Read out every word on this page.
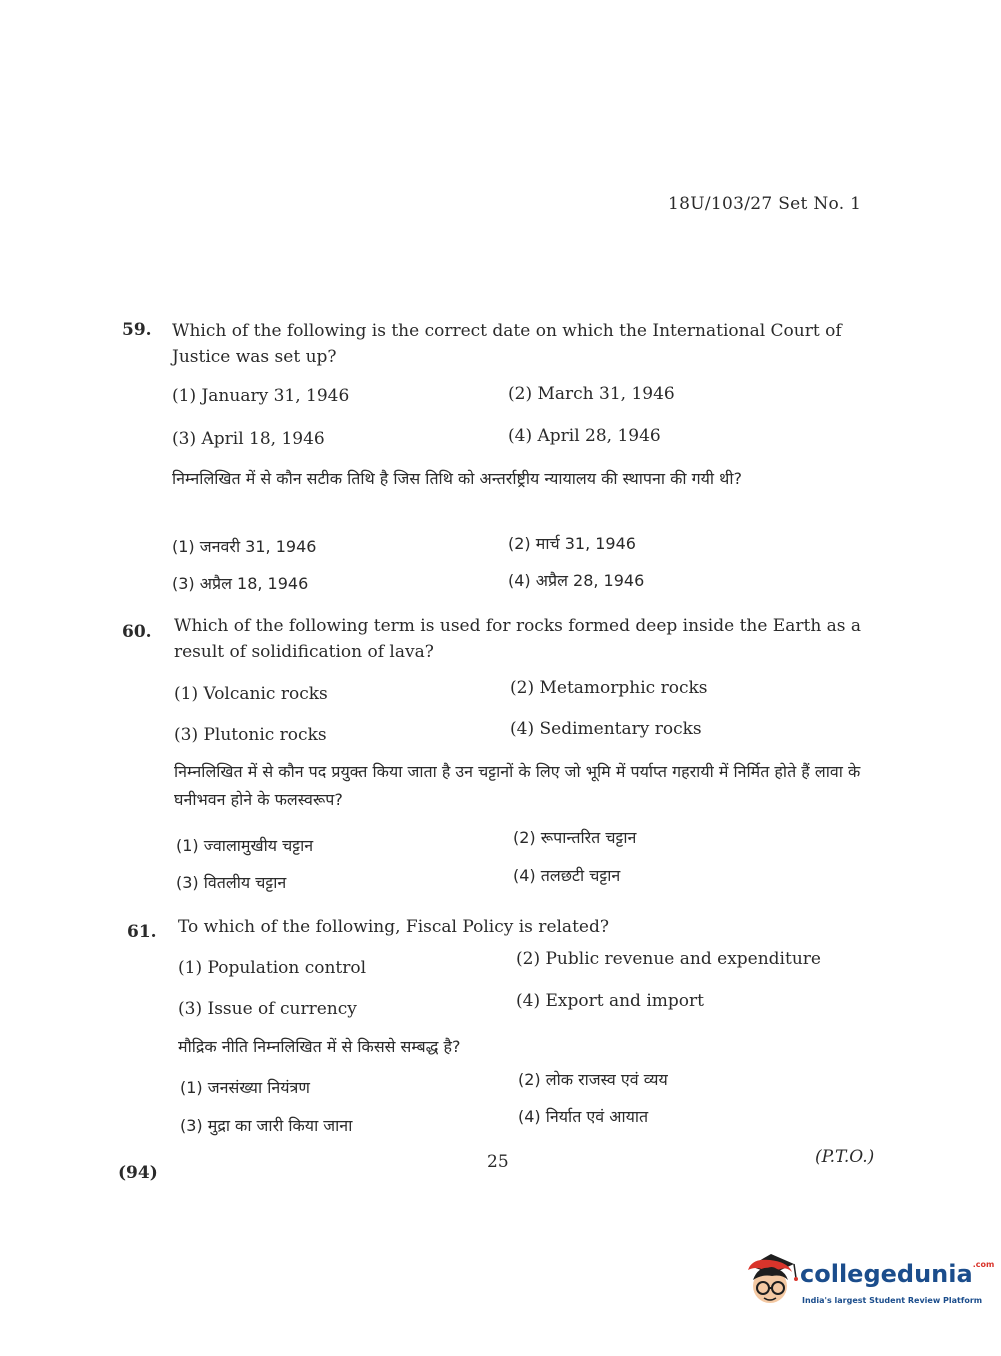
18U/103/27 Set No. 1
59. Which of the following is the correct date on which the International Court of Justice was set up?
(1) January 31, 1946	(2) March 31, 1946
(3) April 18, 1946	(4) April 28, 1946
निम्नलिखित में से कौन सटीक तिथि है जिस तिथि को अन्तर्राष्ट्रीय न्यायालय की स्थापना की गयी थी?
(1) जनवरी 31, 1946	(2) मार्च 31, 1946
(3) अप्रैल 18, 1946	(4) अप्रैल 28, 1946
60. Which of the following term is used for rocks formed deep inside the Earth as a result of solidification of lava?
(1) Volcanic rocks	(2) Metamorphic rocks
(3) Plutonic rocks	(4) Sedimentary rocks
निम्नलिखित में से कौन पद प्रयुक्त किया जाता है उन चट्टानों के लिए जो भूमि में पर्याप्त गहरायी में निर्मित होते हैं लावा के घनीभवन होने के फलस्वरूप?
(1) ज्वालामुखीय चट्टान	(2) रूपान्तरित चट्टान
(3) वितलीय चट्टान	(4) तलछटी चट्टान
61. To which of the following, Fiscal Policy is related?
(1) Population control	(2) Public revenue and expenditure
(3) Issue of currency	(4) Export and import
मौद्रिक नीति निम्नलिखित में से किससे सम्बद्ध है?
(1) जनसंख्या नियंत्रण	(2) लोक राजस्व एवं व्यय
(3) मुद्रा का जारी किया जाना	(4) निर्यात एवं आयात
(94)
25	(P.T.O.)
collegedunia$^{.com}$
India's largest Student Review Platform
